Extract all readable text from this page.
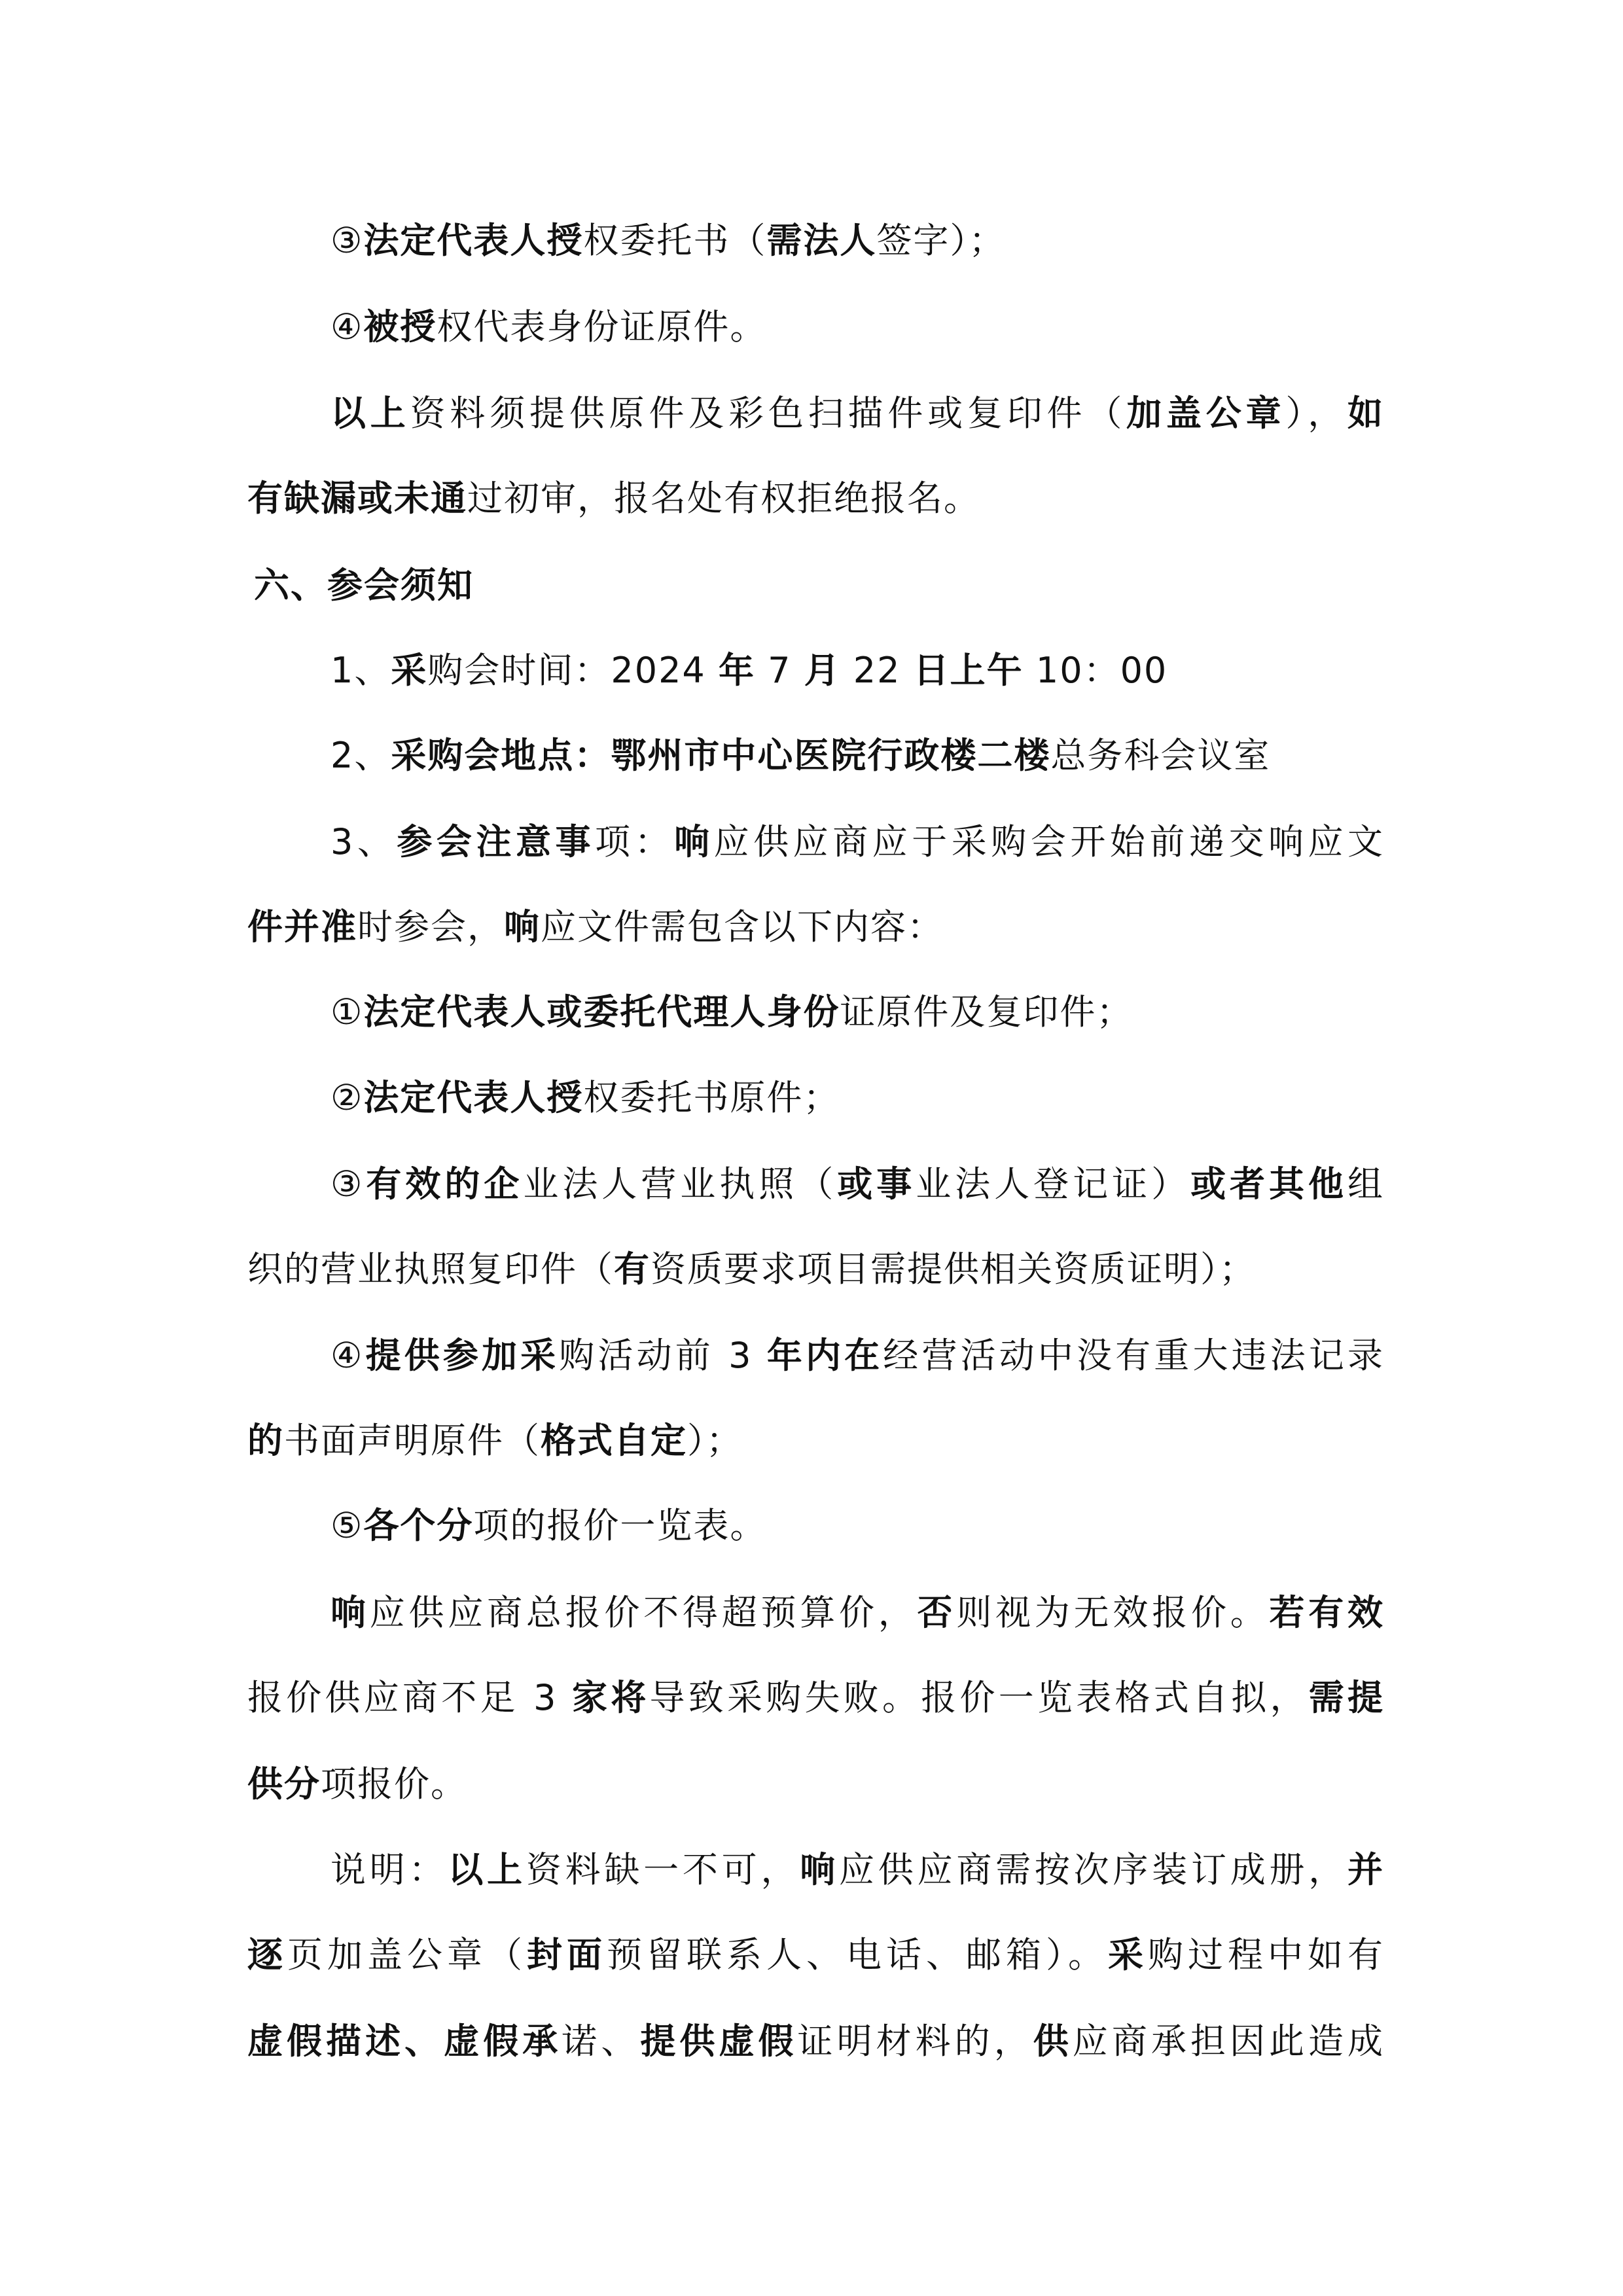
③法定代表人授权委托书（需法人签字）；
④被授权代表身份证原件。
以上资料须提供原件及彩色扫描件或复印件（加盖公章），如
有缺漏或未通过初审，报名处有权拒绝报名。
六、参会须知
1、采购会时间：2024 年 7 月 22 日上午 10：00
2、采购会地点：鄂州市中心医院行政楼二楼总务科会议室
3、参会注意事项：响应供应商应于采购会开始前递交响应文
件并准时参会，响应文件需包含以下内容：
①法定代表人或委托代理人身份证原件及复印件；
②法定代表人授权委托书原件；
③有效的企业法人营业执照（或事业法人登记证）或者其他组
织的营业执照复印件（有资质要求项目需提供相关资质证明）；
④提供参加采购活动前 3 年内在经营活动中没有重大违法记录
的书面声明原件（格式自定）；
⑤各个分项的报价一览表。
响应供应商总报价不得超预算价，否则视为无效报价。若有效
报价供应商不足 3 家将导致采购失败。报价一览表格式自拟，需提
供分项报价。
说明：以上资料缺一不可，响应供应商需按次序装订成册，并
逐页加盖公章（封面预留联系人、电话、邮箱）。采购过程中如有
虚假描述、虚假承诺、提供虚假证明材料的，供应商承担因此造成
